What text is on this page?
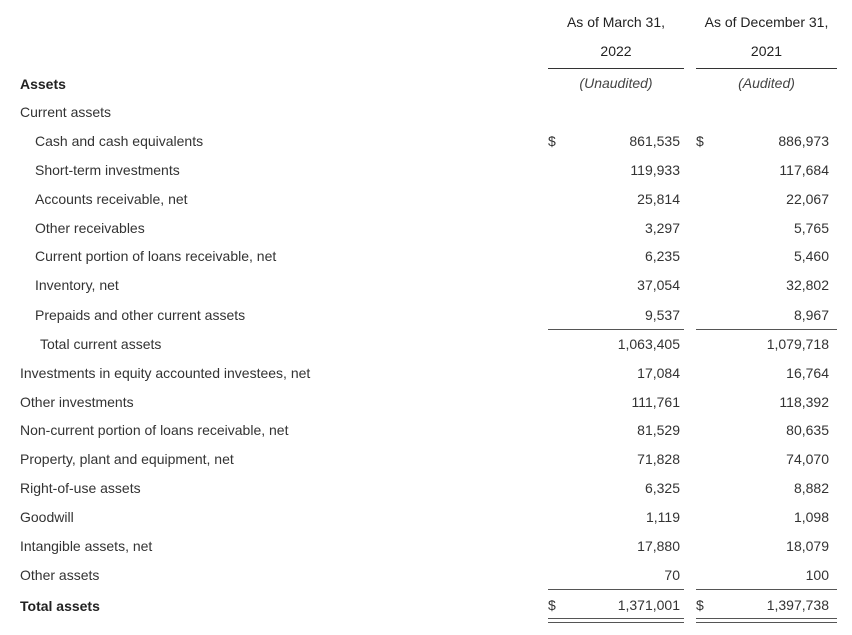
As of March 31,
2022
(Unaudited)
As of December 31,
2021
(Audited)
Assets
Current assets
Cash and cash equivalents	$	861,535 $	886,973
Short-term investments	119,933	117,684
Accounts receivable, net	25,814	22,067
Other receivables	3,297	5,765
Current portion of loans receivable, net	6,235	5,460
Inventory, net	37,054	32,802
Prepaids and other current assets	9,537	8,967
Total current assets	1,063,405	1,079,718
Investments in equity accounted investees, net	17,084	16,764
Other investments	111,761	118,392
Non-current portion of loans receivable, net	81,529	80,635
Property, plant and equipment, net	71,828	74,070
Right-of-use assets	6,325	8,882
Goodwill	1,119	1,098
Intangible assets, net	17,880	18,079
Other assets	70	100
Total assets	$	1,371,001 $	1,397,738
